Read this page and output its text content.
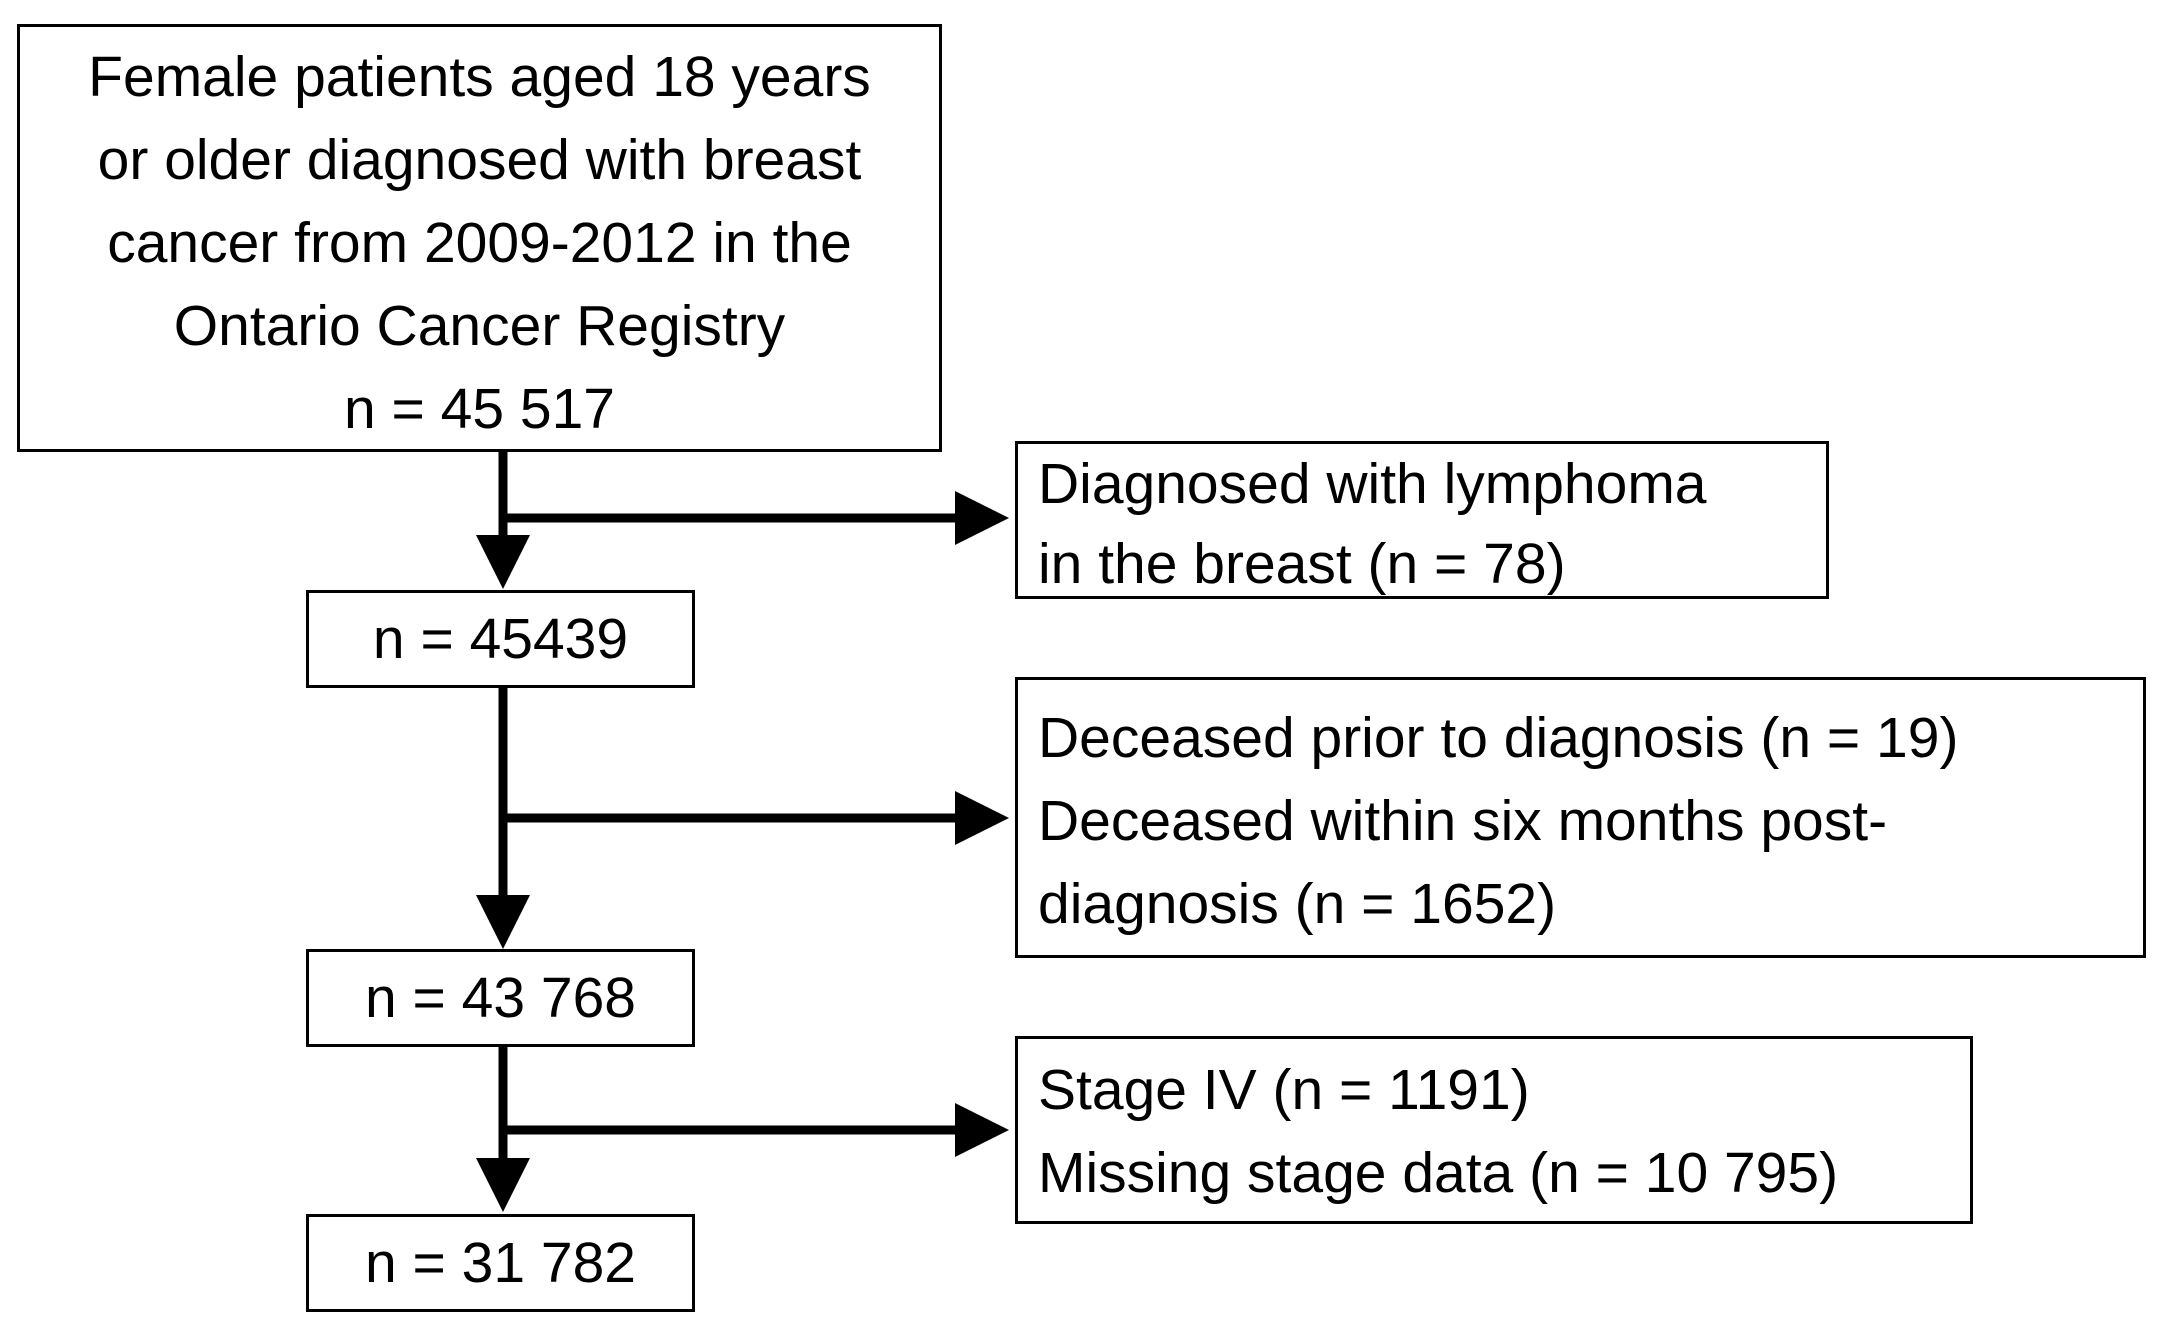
Female patients aged 18 years
or older diagnosed with breast
cancer from 2009-2012 in the
Ontario Cancer Registry
n = 45 517
n = 45439
n = 43 768
n = 31 782
Diagnosed with lymphoma
in the breast (n = 78)
Deceased prior to diagnosis (n = 19)
Deceased within six months post-
diagnosis (n = 1652)
Stage IV (n = 1191)
Missing stage data (n = 10 795)
